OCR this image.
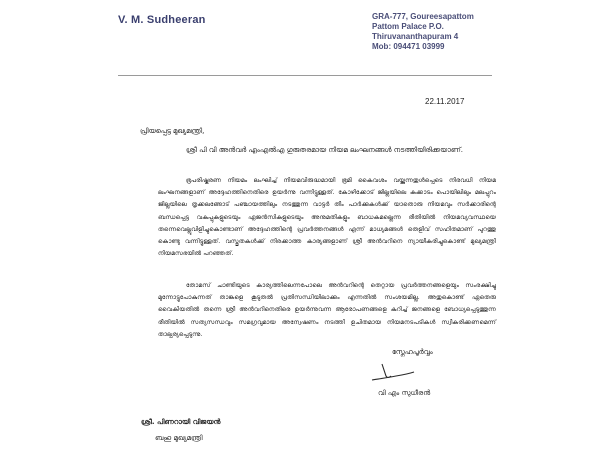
V. M. Sudheeran	GRA-777, Goureesapattom
Pattom Palace P.O.
Thiruvananthapuram 4
Mob: 094471 03999
22.11.2017
പ്രിയപ്പെട്ട മുഖ്യമന്ത്രി,
ശ്രീ പി വി അൻവർ എംഎൽഎ ഗുരുതരമായ നിയമ ലംഘനങ്ങൾ നടത്തിയിരിക്കയാണ്.

ഭൂപരിഷ്കരണ നിയമം ലംഘിച്ച് നിയമവിരുദ്ധമായി ഭൂമി കൈവശം വയ്ക്കുന്നതുൾപ്പെടെ നിരവധി നിയമ ലംഘനങ്ങളാണ് അദ്ദേഹത്തിനെതിരെ ഉയർന്നു വന്നിട്ടുള്ളത്. കോഴിക്കോട് ജില്ലയിലെ കക്കാടം പൊയിലിലും മലപ്പുറം ജില്ലയിലെ തൃക്കലങ്ങോട് പഞ്ചായത്തിലും നടത്തുന്ന വാട്ടർ തീം പാർക്കുകൾക്ക് യാതൊരു നിയമവും സർക്കാരിന്റെ ബന്ധപ്പെട്ട വകുപ്പുകളുടെയും ഏജൻസികളുടെയും അനുമതികളും ബാധകമല്ലെന്ന രീതിയിൽ നിയമവ്യവസ്ഥയെ തന്നെവെല്ലുവിളിച്ചുകൊണ്ടാണ് അദ്ദേഹത്തിന്റെ പ്രവർത്തനങ്ങൾ എന്ന് മാധ്യമങ്ങൾ തെളിവ് സഹിതമാണ് പുറത്തു കൊണ്ടു വന്നിട്ടുള്ളത്. വസ്തുതകൾക്ക് നിരക്കാത്ത കാര്യങ്ങളാണ് ശ്രീ അൻവറിനെ ന്യായീകരിച്ചുകൊണ്ട് മുഖ്യമന്ത്രി നിയമസഭയിൽ പറഞ്ഞത്.

തോമസ് ചാണ്ടിയുടെ കാര്യത്തിലെന്നപോലെ അൻവറിന്റെ തെറ്റായ പ്രവർത്തനങ്ങളെയും സംരക്ഷിച്ചു മുന്നോട്ടുപോകുന്നത് താങ്കളെ കൂടുതൽ പ്രതിസന്ധിയിലാക്കും എന്നതിൽ സംശയമില്ല. അതുകൊണ്ട് ഏതെരു വൈകിയതിൽ തന്നെ ശ്രീ അൻവറിനെതിരെ ഉയർന്നുവന്ന ആരോപണങ്ങളെ കുറിച്ച് ജനങ്ങളെ ബോധ്യപ്പെടുത്തുന്ന രീതിയിൽ സത്യസന്ധവും സമഗ്രവുമായ അന്വേഷണം നടത്തി ഉചിതമായ നിയമനടപടികൾ സ്വീകരിക്കണമെന്ന് താല്പര്യപ്പെടുന്നു.

സ്നേഹപൂർവ്വം
വി എം സുധീരൻ
ശ്രീ. പിണറായി വിജയൻ
ബഹു മുഖ്യമന്ത്രി
